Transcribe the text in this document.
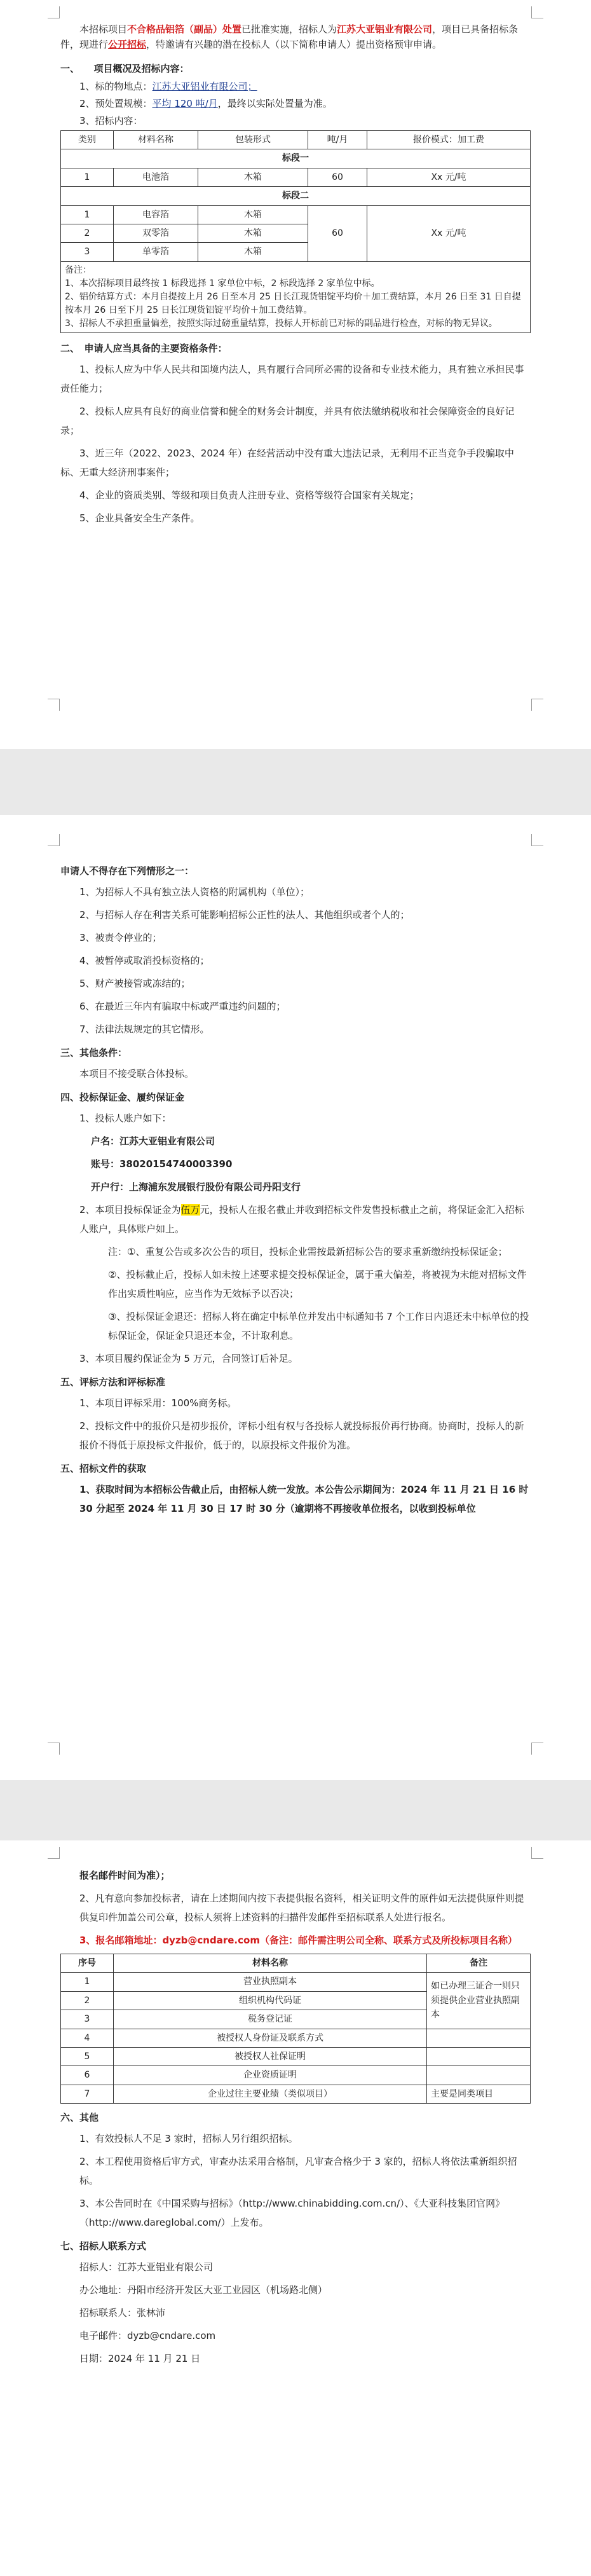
本招标项目不合格品铝箔（副品）处置已批准实施，招标人为江苏大亚铝业有限公司，项目已具备招标条件，现进行公开招标，特邀请有兴趣的潜在投标人（以下简称申请人）提出资格预审申请。

一、　　项目概况及招标内容：

1、标的物地点：江苏大亚铝业有限公司；

2、预处置规模：平均 120 吨/月，最终以实际处置量为准。

3、招标内容：

类别	材料名称	包装形式	吨/月	报价模式：加工费
标段一				
1	电池箔	木箱	60	Xx 元/吨
标段二				
1	电容箔	木箱	60	Xx 元/吨
2	双零箔	木箱		
3	单零箔	木箱		

备注：
1、本次招标项目最终按 1 标段选择 1 家单位中标，2 标段选择 2 家单位中标。
2、铝价结算方式：本月自提按上月 26 日至本月 25 日长江现货铝锭平均价＋加工费结算，本月 26 日至 31 日自提按本月 26 日至下月 25 日长江现货铝锭平均价＋加工费结算。
3、招标人不承担重量偏差，按照实际过磅重量结算，投标人开标前已对标的副品进行检查，对标的物无异议。				

二、　申请人应当具备的主要资格条件：

1、投标人应为中华人民共和国境内法人，具有履行合同所必需的设备和专业技术能力，具有独立承担民事责任能力；

2、投标人应具有良好的商业信誉和健全的财务会计制度，并具有依法缴纳税收和社会保障资金的良好记录；

3、近三年（2022、2023、2024 年）在经营活动中没有重大违法记录，无利用不正当竞争手段骗取中标、无重大经济刑事案件；

4、企业的资质类别、等级和项目负责人注册专业、资格等级符合国家有关规定；

5、企业具备安全生产条件。

申请人不得存在下列情形之一：

1、为招标人不具有独立法人资格的附属机构（单位）；

2、与招标人存在利害关系可能影响招标公正性的法人、其他组织或者个人的；

3、被责令停业的；

4、被暂停或取消投标资格的；

5、财产被接管或冻结的；

6、在最近三年内有骗取中标或严重违约问题的；

7、法律法规规定的其它情形。

三、其他条件：

本项目不接受联合体投标。

四、投标保证金、履约保证金

1、投标人账户如下：

户名：江苏大亚铝业有限公司

账号：38020154740003390

开户行：上海浦东发展银行股份有限公司丹阳支行

2、本项目投标保证金为伍万元，投标人在报名截止并收到招标文件发售投标截止之前，将保证金汇入招标人账户，具体账户如上。

注：①、重复公告或多次公告的项目，投标企业需按最新招标公告的要求重新缴纳投标保证金；

②、投标截止后，投标人如未按上述要求提交投标保证金，属于重大偏差，将被视为未能对招标文件作出实质性响应，应当作为无效标予以否决；

③、投标保证金退还：招标人将在确定中标单位并发出中标通知书 7 个工作日内退还未中标单位的投标保证金，保证金只退还本金，不计取利息。

3、本项目履约保证金为 5 万元，合同签订后补足。

五、评标方法和评标标准

1、本项目评标采用：100%商务标。

2、投标文件中的报价只是初步报价，评标小组有权与各投标人就投标报价再行协商。协商时，投标人的新报价不得低于原投标文件报价，低于的，以原投标文件报价为准。

五、招标文件的获取

1、获取时间为本招标公告截止后，由招标人统一发放。本公告公示期间为：2024 年 11 月 21 日 16 时 30 分起至 2024 年 11 月 30 日 17 时 30 分（逾期将不再接收单位报名，以收到投标单位

报名邮件时间为准）；

2、凡有意向参加投标者，请在上述期间内按下表提供报名资料，相关证明文件的原件如无法提供原件则提供复印件加盖公司公章，投标人须将上述资料的扫描件发邮件至招标联系人处进行报名。

3、报名邮箱地址：dyzb@cndare.com（备注：邮件需注明公司全称、联系方式及所投标项目名称）

序号	材料名称	备注
1	营业执照副本	如已办理三证合一则只须提供企业营业执照副本
2	组织机构代码证	
3	税务登记证	
4	被授权人身份证及联系方式	
5	被授权人社保证明	
6	企业资质证明	
7	企业过往主要业绩（类似项目）	主要是同类项目

六、其他

1、有效投标人不足 3 家时，招标人另行组织招标。

2、本工程使用资格后审方式，审查办法采用合格制，凡审查合格少于 3 家的，招标人将依法重新组织招标。

3、本公告同时在《中国采购与招标》（http://www.chinabidding.com.cn/）、《大亚科技集团官网》（http://www.dareglobal.com/）上发布。

七、招标人联系方式

招标人：江苏大亚铝业有限公司

办公地址：丹阳市经济开发区大亚工业园区（机场路北侧）

招标联系人：张林沛

电子邮件：dyzb@cndare.com

日期：2024 年 11 月 21 日
